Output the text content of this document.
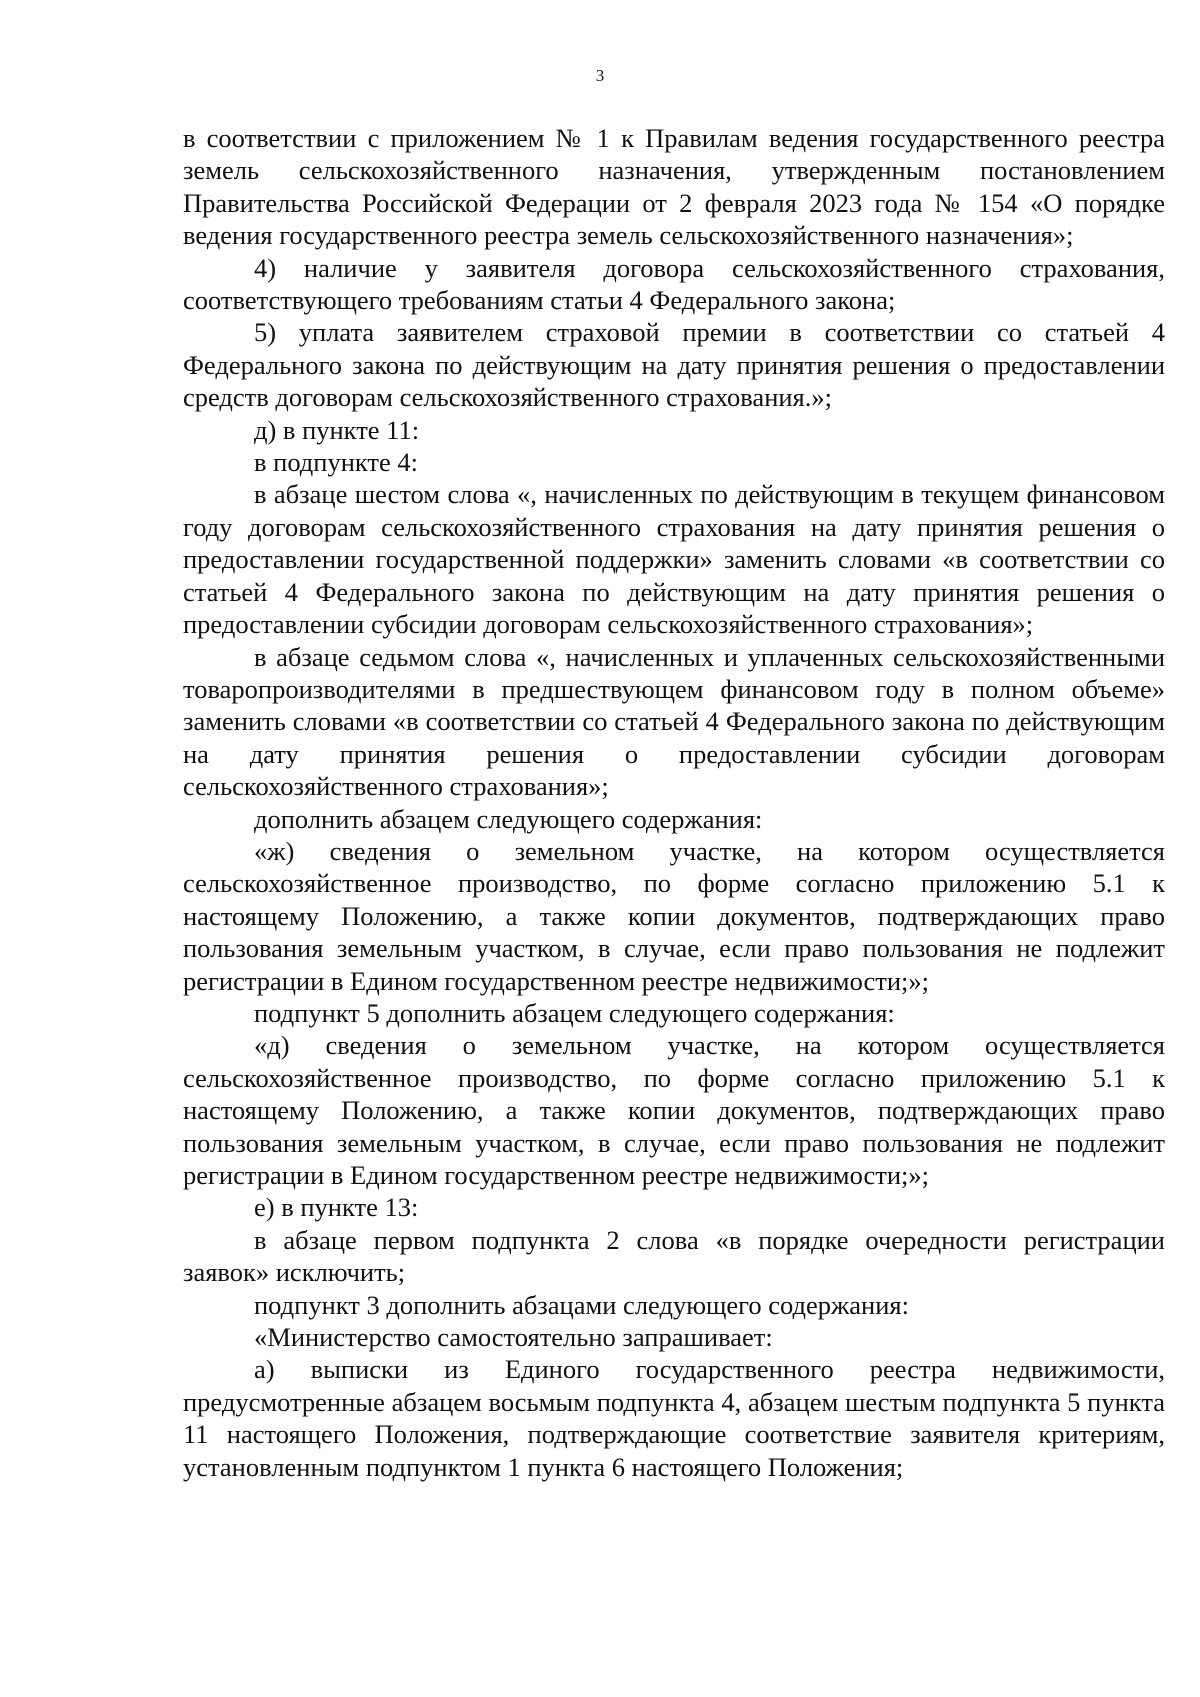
3

в соответствии с приложением № 1 к Правилам ведения государственного реестра земель сельскохозяйственного назначения, утвержденным постановлением Правительства Российской Федерации от 2 февраля 2023 года № 154 «О порядке ведения государственного реестра земель сельскохозяйственного назначения»;

4) наличие у заявителя договора сельскохозяйственного страхования, соответствующего требованиям статьи 4 Федерального закона;

5) уплата заявителем страховой премии в соответствии со статьей 4 Федерального закона по действующим на дату принятия решения о предоставлении средств договорам сельскохозяйственного страхования.»;

д) в пункте 11:

в подпункте 4:

в абзаце шестом слова «, начисленных по действующим в текущем финансовом году договорам сельскохозяйственного страхования на дату принятия решения о предоставлении государственной поддержки» заменить словами «в соответствии со статьей 4 Федерального закона по действующим на дату принятия решения о предоставлении субсидии договорам сельскохозяйственного страхования»;

в абзаце седьмом слова «, начисленных и уплаченных сельскохозяйственными товаропроизводителями в предшествующем финансовом году в полном объеме» заменить словами «в соответствии со статьей 4 Федерального закона по действующим на дату принятия решения о предоставлении субсидии договорам сельскохозяйственного страхования»;

дополнить абзацем следующего содержания:

«ж) сведения о земельном участке, на котором осуществляется сельскохозяйственное производство, по форме согласно приложению 5.1 к настоящему Положению, а также копии документов, подтверждающих право пользования земельным участком, в случае, если право пользования не подлежит регистрации в Едином государственном реестре недвижимости;»;

подпункт 5 дополнить абзацем следующего содержания:

«д) сведения о земельном участке, на котором осуществляется сельскохозяйственное производство, по форме согласно приложению 5.1 к настоящему Положению, а также копии документов, подтверждающих право пользования земельным участком, в случае, если право пользования не подлежит регистрации в Едином государственном реестре недвижимости;»;

е) в пункте 13:

в абзаце первом подпункта 2 слова «в порядке очередности регистрации заявок» исключить;

подпункт 3 дополнить абзацами следующего содержания:

«Министерство самостоятельно запрашивает:

а) выписки из Единого государственного реестра недвижимости, предусмотренные абзацем восьмым подпункта 4, абзацем шестым подпункта 5 пункта 11 настоящего Положения, подтверждающие соответствие заявителя критериям, установленным подпунктом 1 пункта 6 настоящего Положения;
